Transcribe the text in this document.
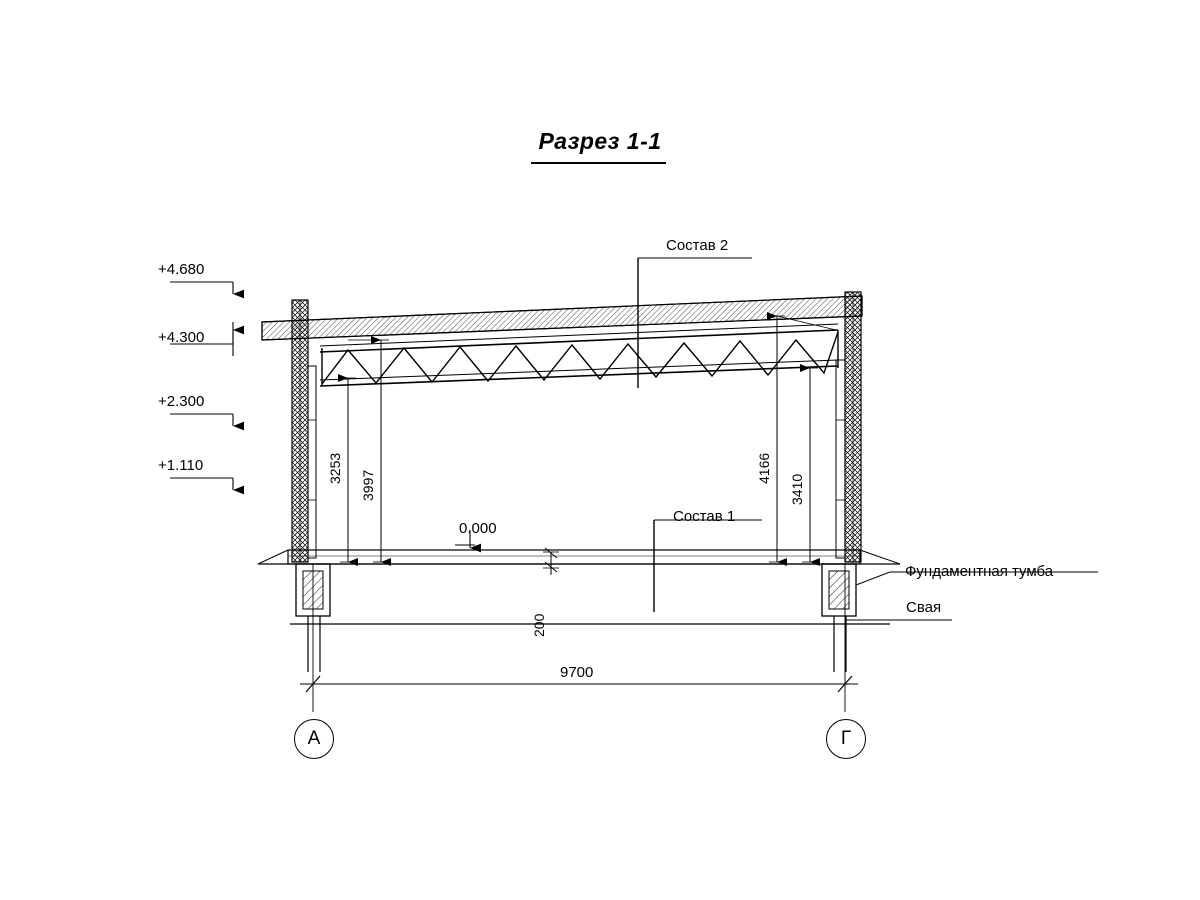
Разрез 1-1
+4.680
+4.300
+2.300
+1.110
0.000
Состав 2
Состав 1
Фундаментная тумба
Свая
3253
3997
4166
3410
200
9700
А	Г
